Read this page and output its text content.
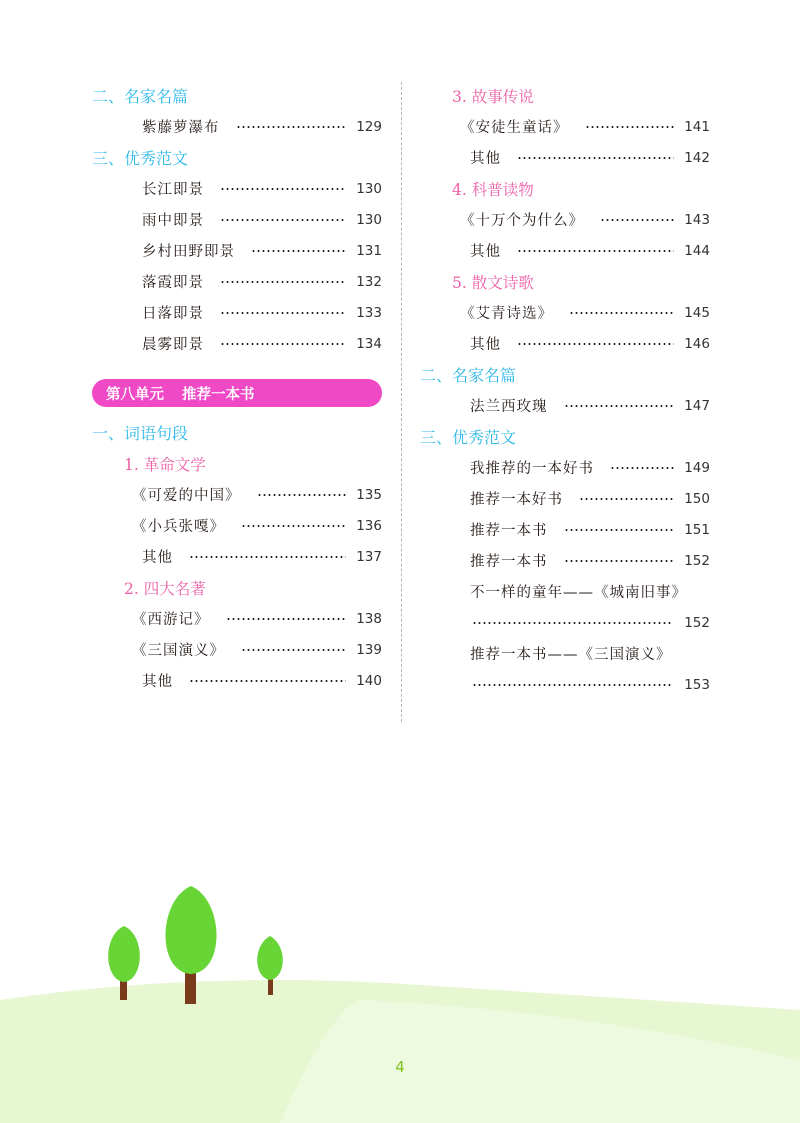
二、名家名篇
紫藤萝瀑布	129
三、优秀范文
长江即景	130
雨中即景	130
乡村田野即景	131
落霞即景	132
日落即景	133
晨雾即景	134
第八单元 推荐一本书
一、词语句段
1. 革命文学
《可爱的中国》	135
《小兵张嘎》	136
其他	137
2. 四大名著
《西游记》	138
《三国演义》	139
其他	140
3. 故事传说
《安徒生童话》	141
其他	142
4. 科普读物
《十万个为什么》	143
其他	144
5. 散文诗歌
《艾青诗选》	145
其他	146
二、名家名篇
法兰西玫瑰	147
三、优秀范文
我推荐的一本好书	149
推荐一本好书	150
推荐一本书	151
推荐一本书	152
不一样的童年——《城南旧事》
152
推荐一本书——《三国演义》
153
4
